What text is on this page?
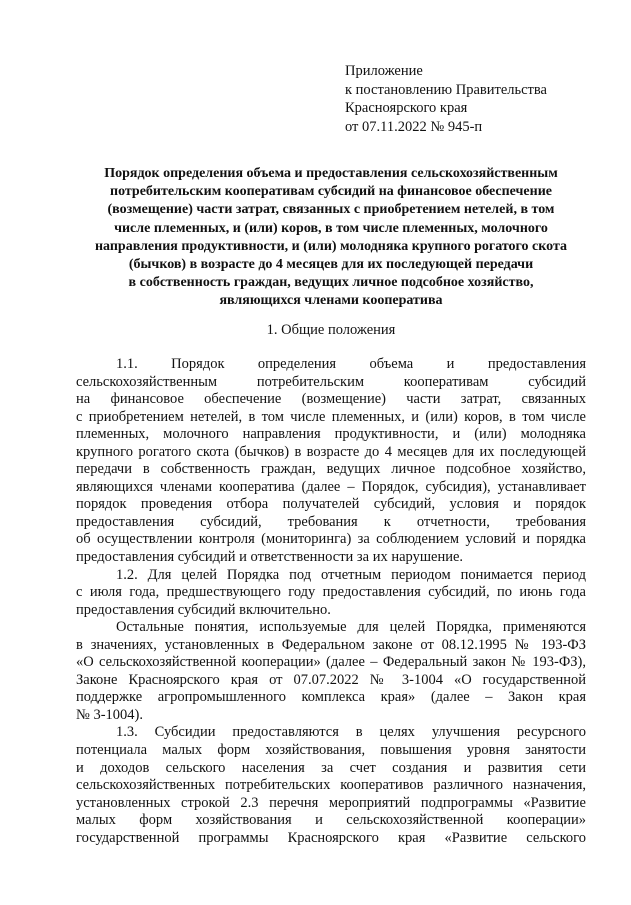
Приложение
к постановлению Правительства
Красноярского края
от 07.11.2022 № 945-п
Порядок определения объема и предоставления сельскохозяйственным
потребительским кооперативам субсидий на финансовое обеспечение
(возмещение) части затрат, связанных с приобретением нетелей, в том
числе племенных, и (или) коров, в том числе племенных, молочного
направления продуктивности, и (или) молодняка крупного рогатого скота
(бычков) в возрасте до 4 месяцев для их последующей передачи
в собственность граждан, ведущих личное подсобное хозяйство,
являющихся членами кооператива
1. Общие положения
1.1. Порядок определения объема и предоставления
сельскохозяйственным потребительским кооперативам субсидий
на финансовое обеспечение (возмещение) части затрат, связанных
с приобретением нетелей, в том числе племенных, и (или) коров, в том числе
племенных, молочного направления продуктивности, и (или) молодняка
крупного рогатого скота (бычков) в возрасте до 4 месяцев для их последующей
передачи в собственность граждан, ведущих личное подсобное хозяйство,
являющихся членами кооператива (далее – Порядок, субсидия), устанавливает
порядок проведения отбора получателей субсидий, условия и порядок
предоставления субсидий, требования к отчетности, требования
об осуществлении контроля (мониторинга) за соблюдением условий и порядка
предоставления субсидий и ответственности за их нарушение.
1.2. Для целей Порядка под отчетным периодом понимается период
с июля года, предшествующего году предоставления субсидий, по июнь года
предоставления субсидий включительно.
Остальные понятия, используемые для целей Порядка, применяются
в значениях, установленных в Федеральном законе от 08.12.1995 № 193-ФЗ
«О сельскохозяйственной кооперации» (далее – Федеральный закон № 193-ФЗ),
Законе Красноярского края от 07.07.2022 № 3-1004 «О государственной
поддержке агропромышленного комплекса края» (далее – Закон края
№ 3-1004).
1.3. Субсидии предоставляются в целях улучшения ресурсного
потенциала малых форм хозяйствования, повышения уровня занятости
и доходов сельского населения за счет создания и развития сети
сельскохозяйственных потребительских кооперативов различного назначения,
установленных строкой 2.3 перечня мероприятий подпрограммы «Развитие
малых форм хозяйствования и сельскохозяйственной кооперации»
государственной программы Красноярского края «Развитие сельского
